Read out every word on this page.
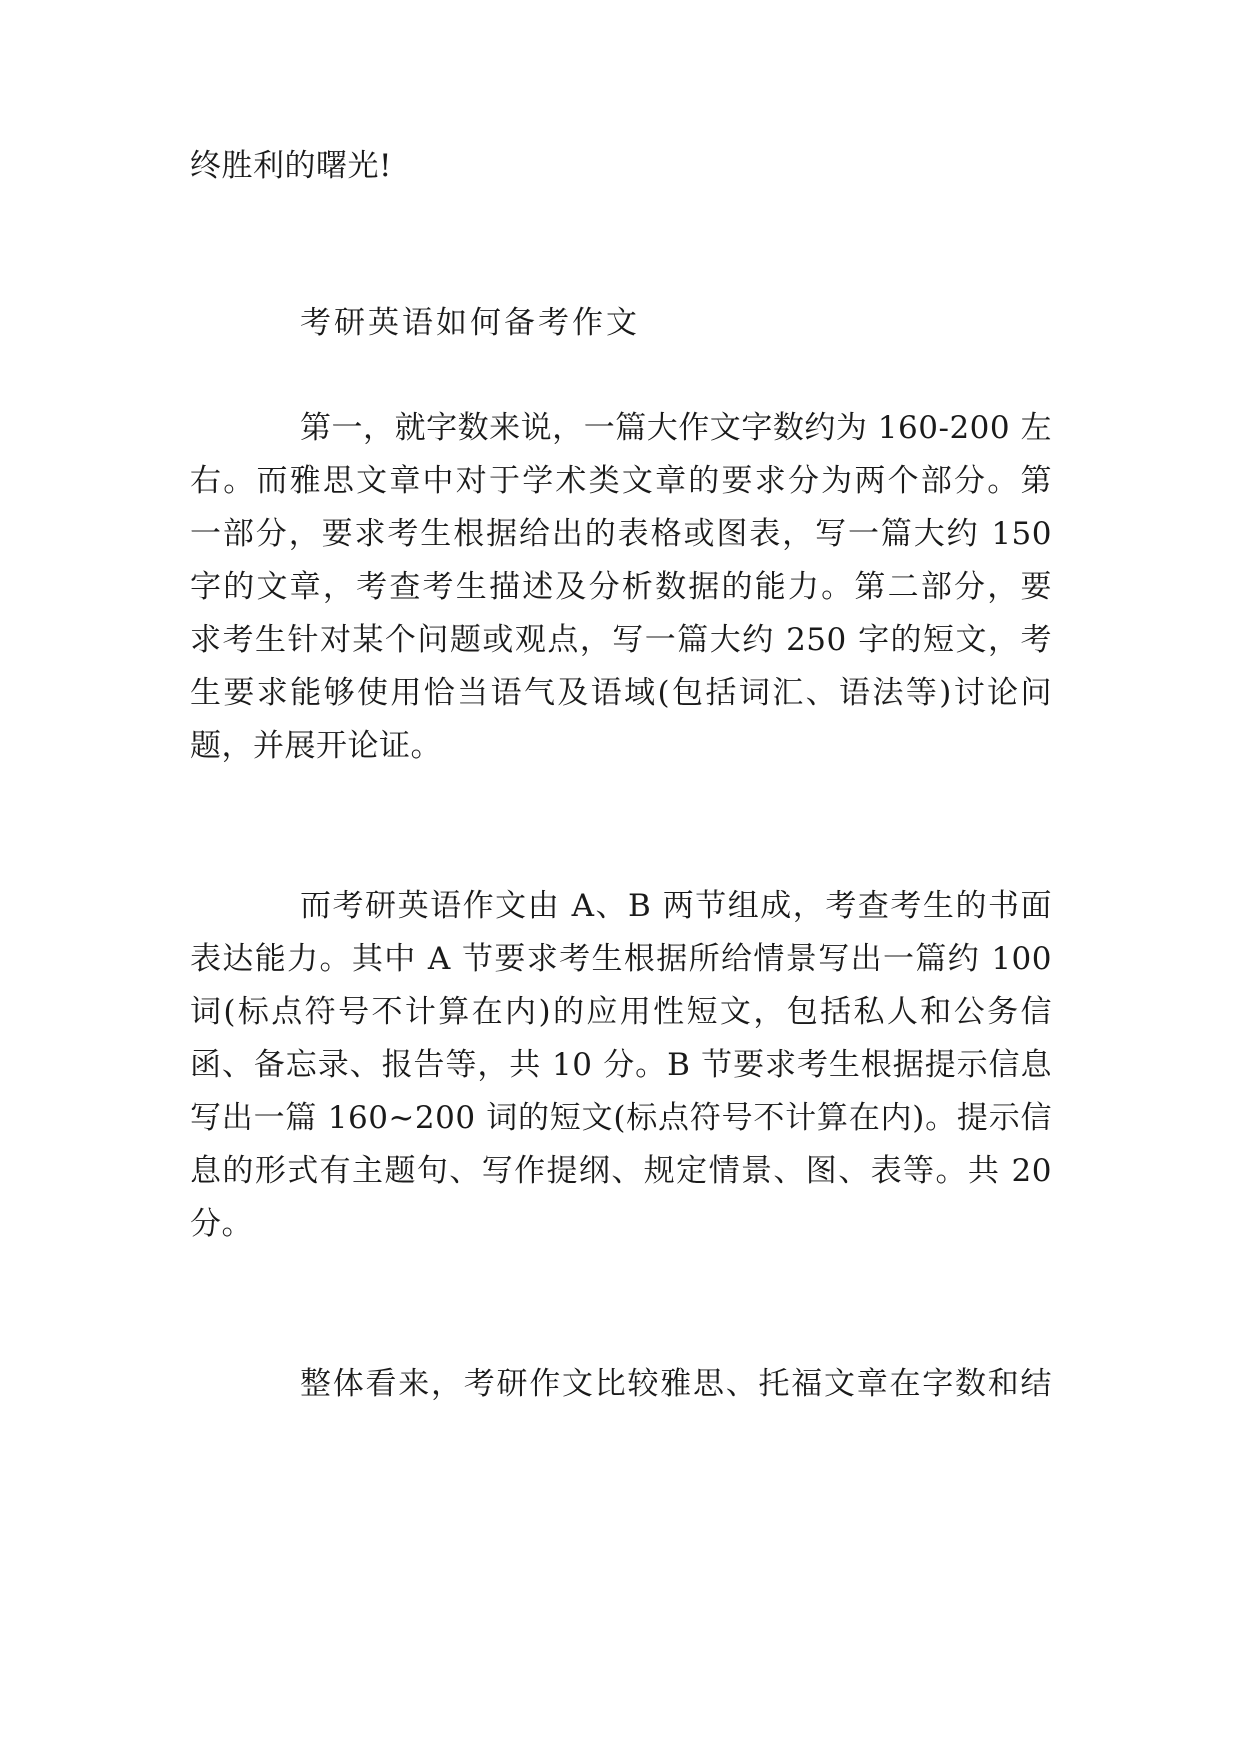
终胜利的曙光!
考研英语如何备考作文
第一，就字数来说，一篇大作文字数约为 160-200 左
右。而雅思文章中对于学术类文章的要求分为两个部分。第
一部分，要求考生根据给出的表格或图表，写一篇大约 150
字的文章，考查考生描述及分析数据的能力。第二部分，要
求考生针对某个问题或观点，写一篇大约 250 字的短文，考
生要求能够使用恰当语气及语域(包括词汇、语法等)讨论问
题，并展开论证。
而考研英语作文由 A、B 两节组成，考查考生的书面
表达能力。其中 A 节要求考生根据所给情景写出一篇约 100
词(标点符号不计算在内)的应用性短文，包括私人和公务信
函、备忘录、报告等，共 10 分。B 节要求考生根据提示信息
写出一篇 160~200 词的短文(标点符号不计算在内)。提示信
息的形式有主题句、写作提纲、规定情景、图、表等。共 20
分。
整体看来，考研作文比较雅思、托福文章在字数和结
